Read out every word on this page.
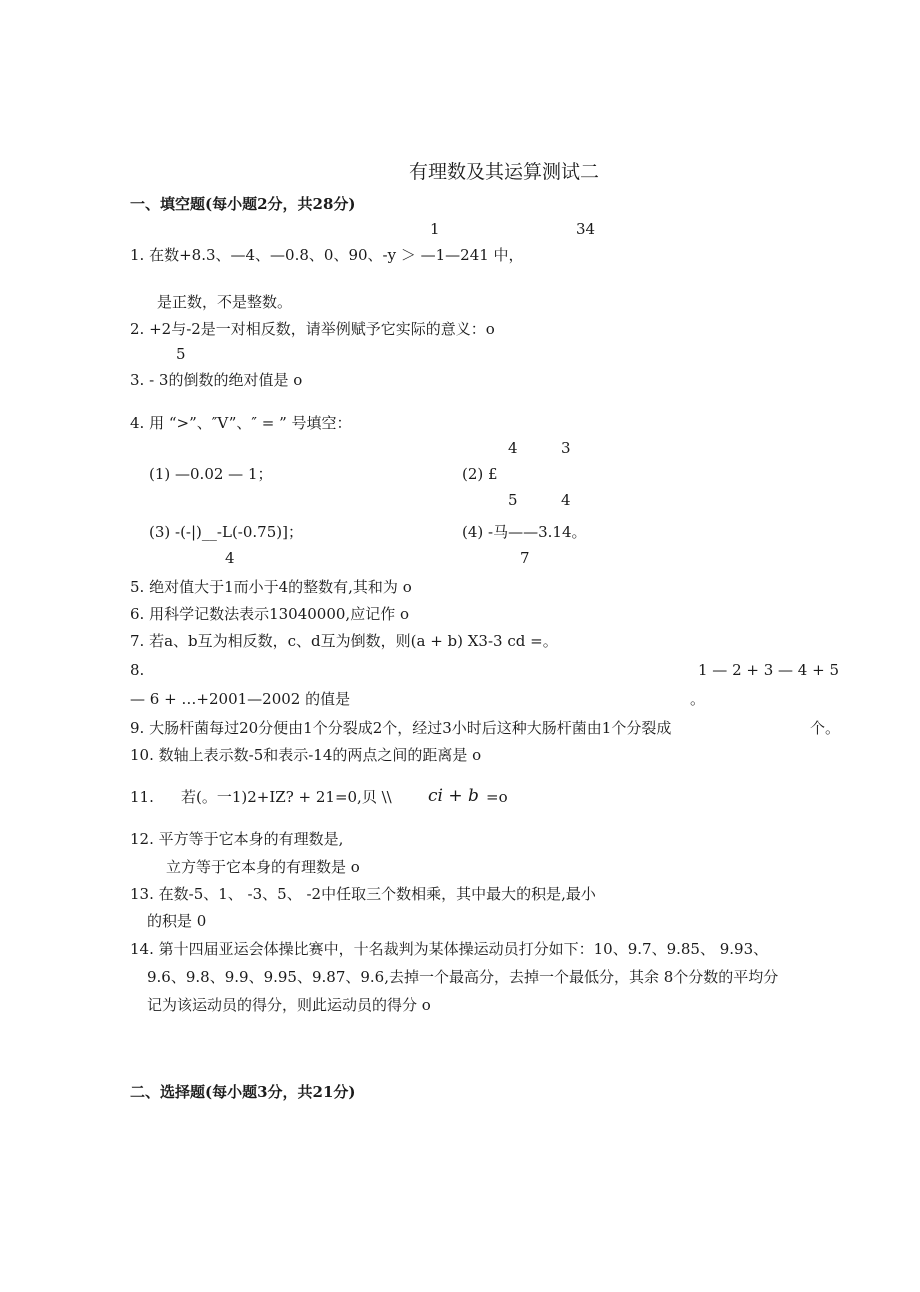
有理数及其运算测试二
一、填空题(每小题2分，共28分)
1	34
1. 在数+8.3、—4、—0.8、0、90、-y ＞ —1—241 中，
是正数，不是整数。
2. +2与-2是一对相反数，请举例赋予它实际的意义：o
5
3. - 3的倒数的绝对值是 o
4. 用 “>”、″V”、″ = ” 号填空：
4	3
(1) —0.02 — 1；	(2) £
5	4
(3) -(-|)__-L(-0.75)]；	(4) -马——3.14。
4	7
5. 绝对值大于1而小于4的整数有,其和为 o
6. 用科学记数法表示13040000,应记作 o
7. 若a、b互为相反数，c、d互为倒数，则(a + b) X3-3 cd =。
8.	1 — 2 + 3 — 4 + 5
— 6 + …+2001—2002 的值是	。
9. 大肠杆菌每过20分便由1个分裂成2个，经过3小时后这种大肠杆菌由1个分裂成	个。
10. 数轴上表示数-5和表示-14的两点之间的距离是 o
11. 若(。一1)2+IZ? + 21=0,贝 \\ ci + b =o
12. 平方等于它本身的有理数是,
立方等于它本身的有理数是 o
13. 在数-5、1、 -3、5、 -2中任取三个数相乘，其中最大的积是,最小
的积是 0
14. 第十四届亚运会体操比赛中，十名裁判为某体操运动员打分如下：10、9.7、9.85、 9.93、
9.6、9.8、9.9、9.95、9.87、9.6,去掉一个最高分，去掉一个最低分，其余 8个分数的平均分
记为该运动员的得分，则此运动员的得分 o
二、选择题(每小题3分，共21分)
